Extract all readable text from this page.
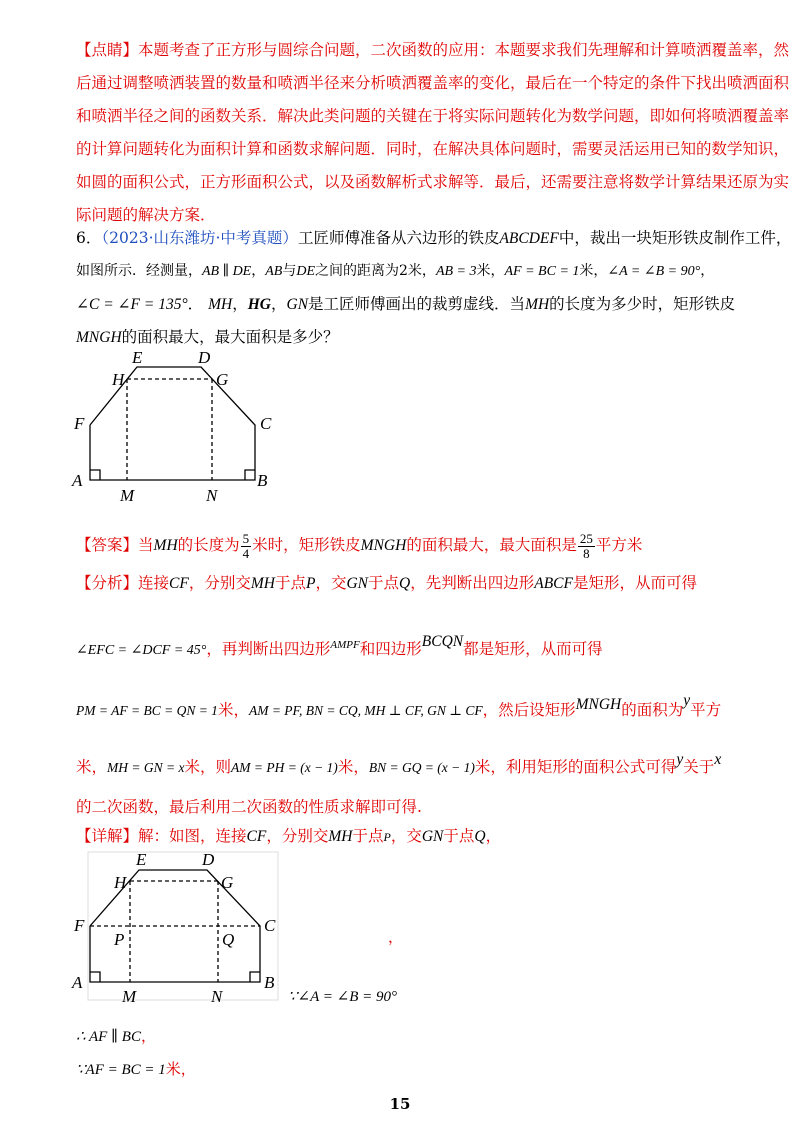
【点睛】本题考查了正方形与圆综合问题，二次函数的应用：本题要求我们先理解和计算喷洒覆盖率，然
后通过调整喷洒装置的数量和喷洒半径来分析喷洒覆盖率的变化，最后在一个特定的条件下找出喷洒面积
和喷洒半径之间的函数关系．解决此类问题的关键在于将实际问题转化为数学问题，即如何将喷洒覆盖率
的计算问题转化为面积计算和函数求解问题．同时，在解决具体问题时，需要灵活运用已知的数学知识，
如圆的面积公式，正方形面积公式，以及函数解析式求解等．最后，还需要注意将数学计算结果还原为实
际问题的解决方案．
6．（2023·山东潍坊·中考真题）工匠师傅准备从六边形的铁皮ABCDEF中，裁出一块矩形铁皮制作工件，
如图所示．经测量，AB ∥ DE，AB与DE之间的距离为2米，AB = 3米，AF = BC = 1米，∠A = ∠B = 90°，
∠C = ∠F = 135°． MH，HG，GN是工匠师傅画出的裁剪虚线．当MH的长度为多少时，矩形铁皮
MNGH的面积最大，最大面积是多少？
E	D
H	G
F	C
A	B
M	N
【答案】当MH的长度为 $\frac{5}{4}$ 米时，矩形铁皮MNGH的面积最大，最大面积是 $\frac{25}{8}$ 平方米
【分析】连接CF，分别交MH于点P，交GN于点Q，先判断出四边形ABCF是矩形，从而可得
∠EFC = ∠DCF = 45°，再判断出四边形$^{AMPF}$和四边形BCQN都是矩形，从而可得
PM = AF = BC = QN = 1米，AM = PF, BN = CQ, MH ⊥ CF, GN ⊥ CF，然后设矩形MNGH的面积为y平方
米，MH = GN = x米，则AM = PH = (x − 1)米，BN = GQ = (x − 1)米，利用矩形的面积公式可得y关于x
的二次函数，最后利用二次函数的性质求解即可得.
【详解】解：如图，连接CF，分别交MH于点P，交GN于点Q，
E	D
H	G
F	C
P	Q
A	B
M	N
，
∵∠A = ∠B = 90°
∴ AF ∥ BC，
∵AF = BC = 1米，
15
